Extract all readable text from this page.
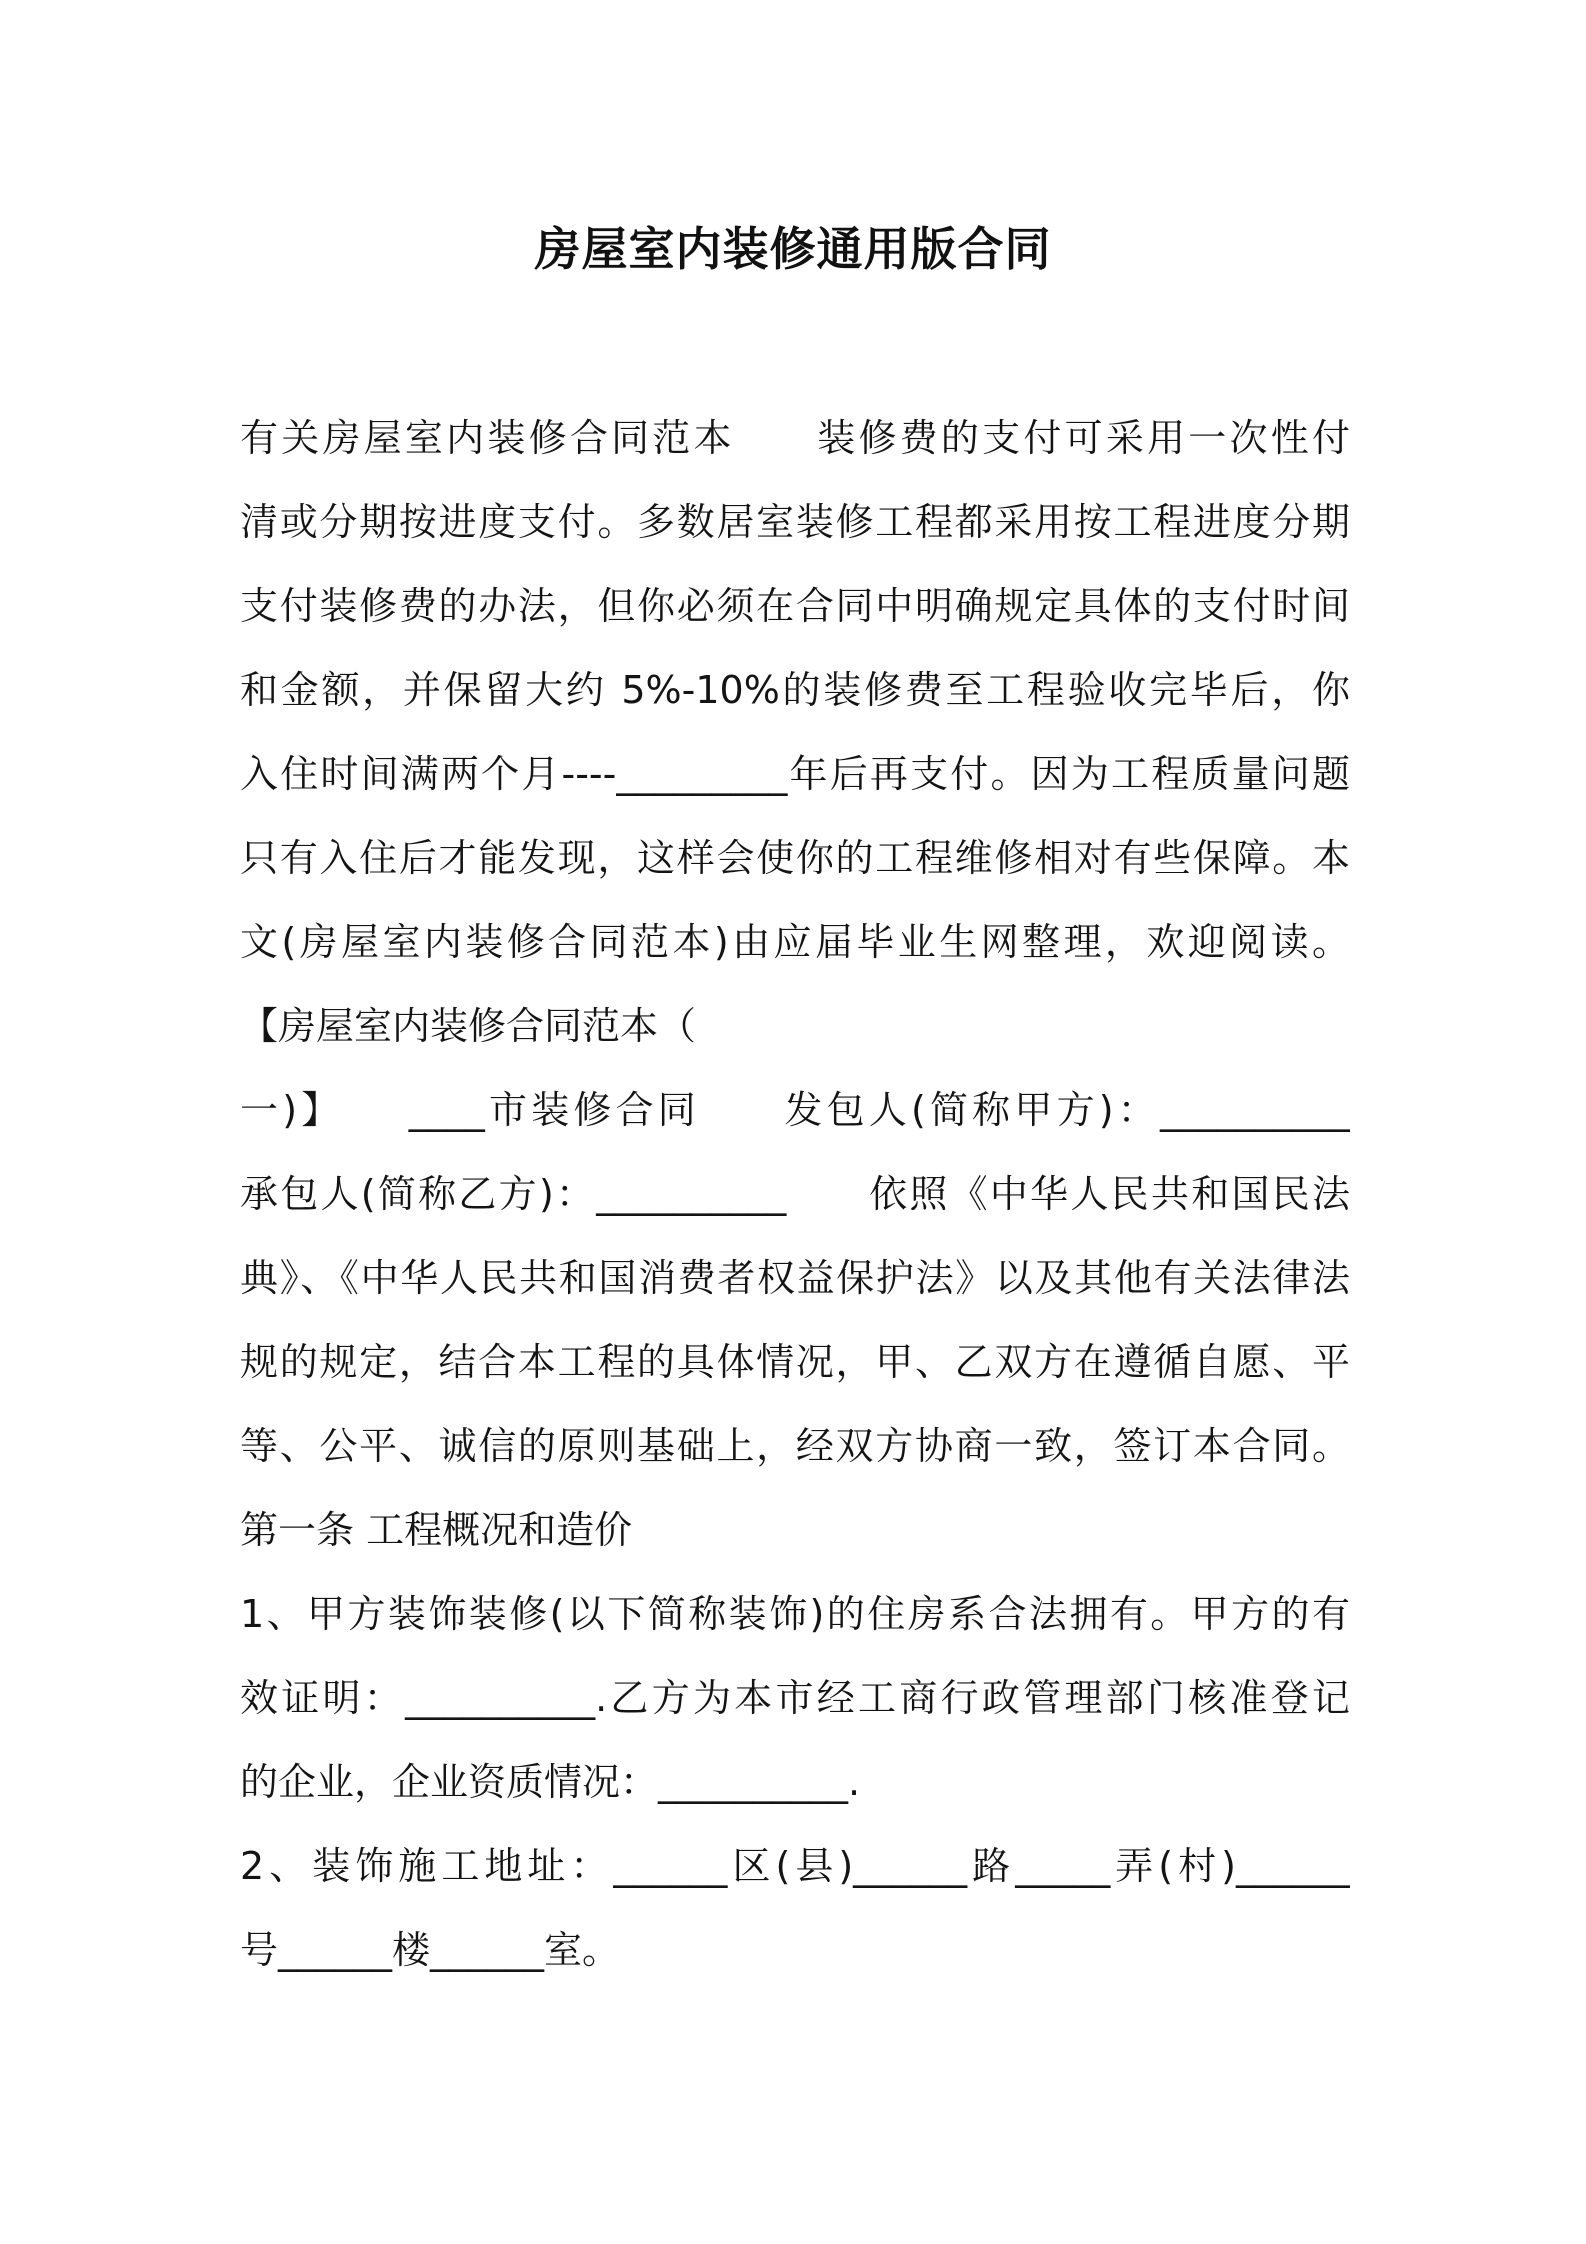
房屋室内装修通用版合同
有关房屋室内装修合同范本　　装修费的支付可采用一次性付
清或分期按进度支付。多数居室装修工程都采用按工程进度分期
支付装修费的办法，但你必须在合同中明确规定具体的支付时间
和金额，并保留大约 5%-10%的装修费至工程验收完毕后，你
入住时间满两个月----_________年后再支付。因为工程质量问题
只有入住后才能发现，这样会使你的工程维修相对有些保障。本
文(房屋室内装修合同范本)由应届毕业生网整理，欢迎阅读。
【房屋室内装修合同范本（
一)】　　____市装修合同　　发包人(简称甲方)：__________
承包人(简称乙方)：__________　　依照《中华人民共和国民法
典》、《中华人民共和国消费者权益保护法》以及其他有关法律法
规的规定，结合本工程的具体情况，甲、乙双方在遵循自愿、平
等、公平、诚信的原则基础上，经双方协商一致，签订本合同。
第一条 工程概况和造价
1、甲方装饰装修(以下简称装饰)的住房系合法拥有。甲方的有
效证明：__________.乙方为本市经工商行政管理部门核准登记
的企业，企业资质情况：__________.
2、装饰施工地址：______区(县)______路_____弄(村)______
号______楼______室。
